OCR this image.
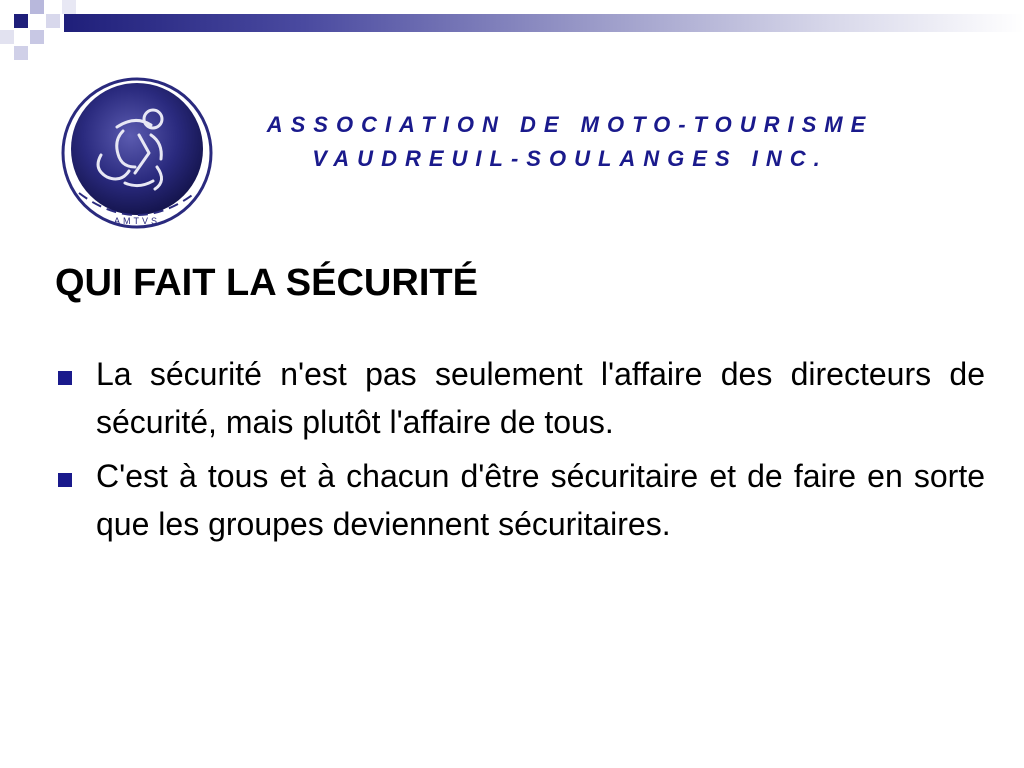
AMTVS
ASSOCIATION DE MOTO-TOURISME
VAUDREUIL-SOULANGES INC.
QUI FAIT LA SÉCURITÉ
La sécurité n'est pas seulement l'affaire des directeurs de sécurité, mais plutôt l'affaire de tous.
C'est à tous et à chacun d'être sécuritaire et de faire en sorte que les groupes deviennent sécuritaires.
